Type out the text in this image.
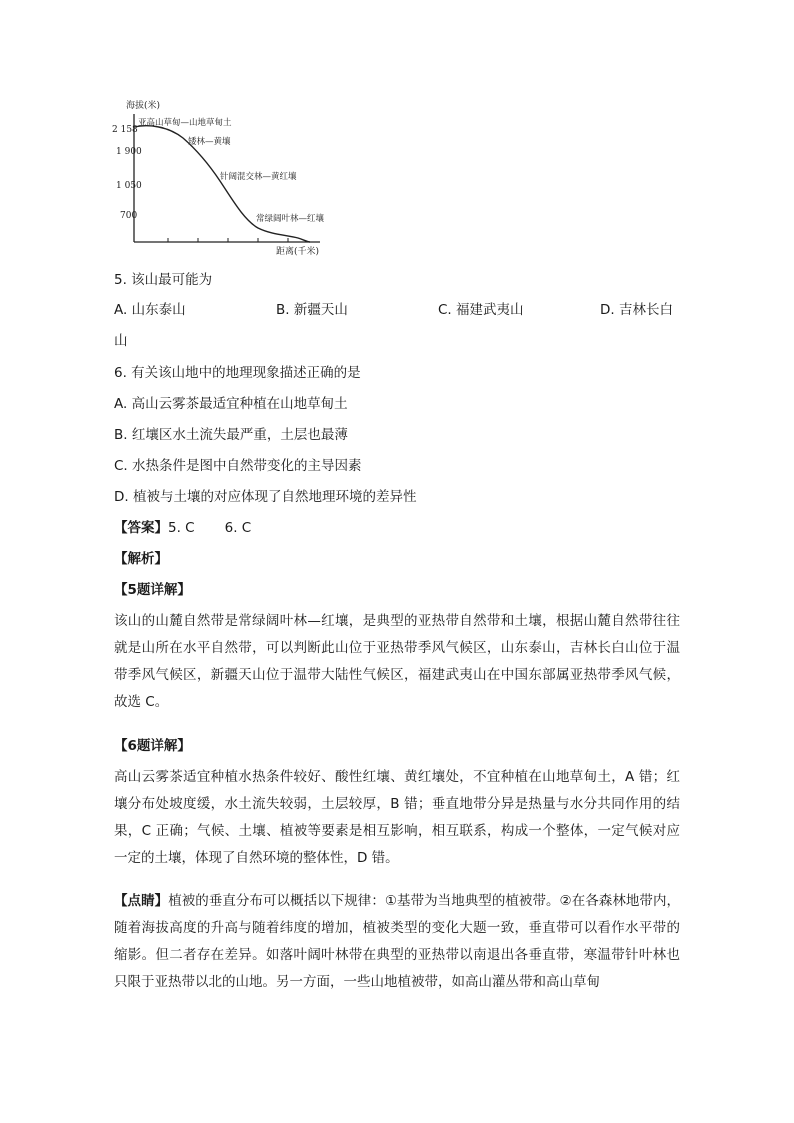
海拔(米)
2 158
1 900
1 050
700
亚高山草甸—山地草甸土
矮林—黄壤
针阔混交林—黄红壤
常绿阔叶林—红壤
距离(千米)
5. 该山最可能为
A. 山东泰山	B. 新疆天山	C. 福建武夷山	D. 吉林长白
山
6. 有关该山地中的地理现象描述正确的是
A. 高山云雾茶最适宜种植在山地草甸土
B. 红壤区水土流失最严重，土层也最薄
C. 水热条件是图中自然带变化的主导因素
D. 植被与土壤的对应体现了自然地理环境的差异性
【答案】5. C       6. C
【解析】
【5题详解】

该山的山麓自然带是常绿阔叶林—红壤，是典型的亚热带自然带和土壤，根据山麓自然带往往就是山所在水平自然带，可以判断此山位于亚热带季风气候区，山东泰山，吉林长白山位于温带季风气候区，新疆天山位于温带大陆性气候区，福建武夷山在中国东部属亚热带季风气候，故选 C。

【6题详解】

高山云雾茶适宜种植水热条件较好、酸性红壤、黄红壤处，不宜种植在山地草甸土，A 错；红壤分布处坡度缓，水土流失较弱，土层较厚，B 错；垂直地带分异是热量与水分共同作用的结果，C 正确；气候、土壤、植被等要素是相互影响，相互联系，构成一个整体，一定气候对应一定的土壤，体现了自然环境的整体性，D 错。

【点睛】植被的垂直分布可以概括以下规律：①基带为当地典型的植被带。②在各森林地带内，随着海拔高度的升高与随着纬度的增加，植被类型的变化大题一致，垂直带可以看作水平带的缩影。但二者存在差异。如落叶阔叶林带在典型的亚热带以南退出各垂直带，寒温带针叶林也只限于亚热带以北的山地。另一方面，一些山地植被带，如高山灌丛带和高山草甸
